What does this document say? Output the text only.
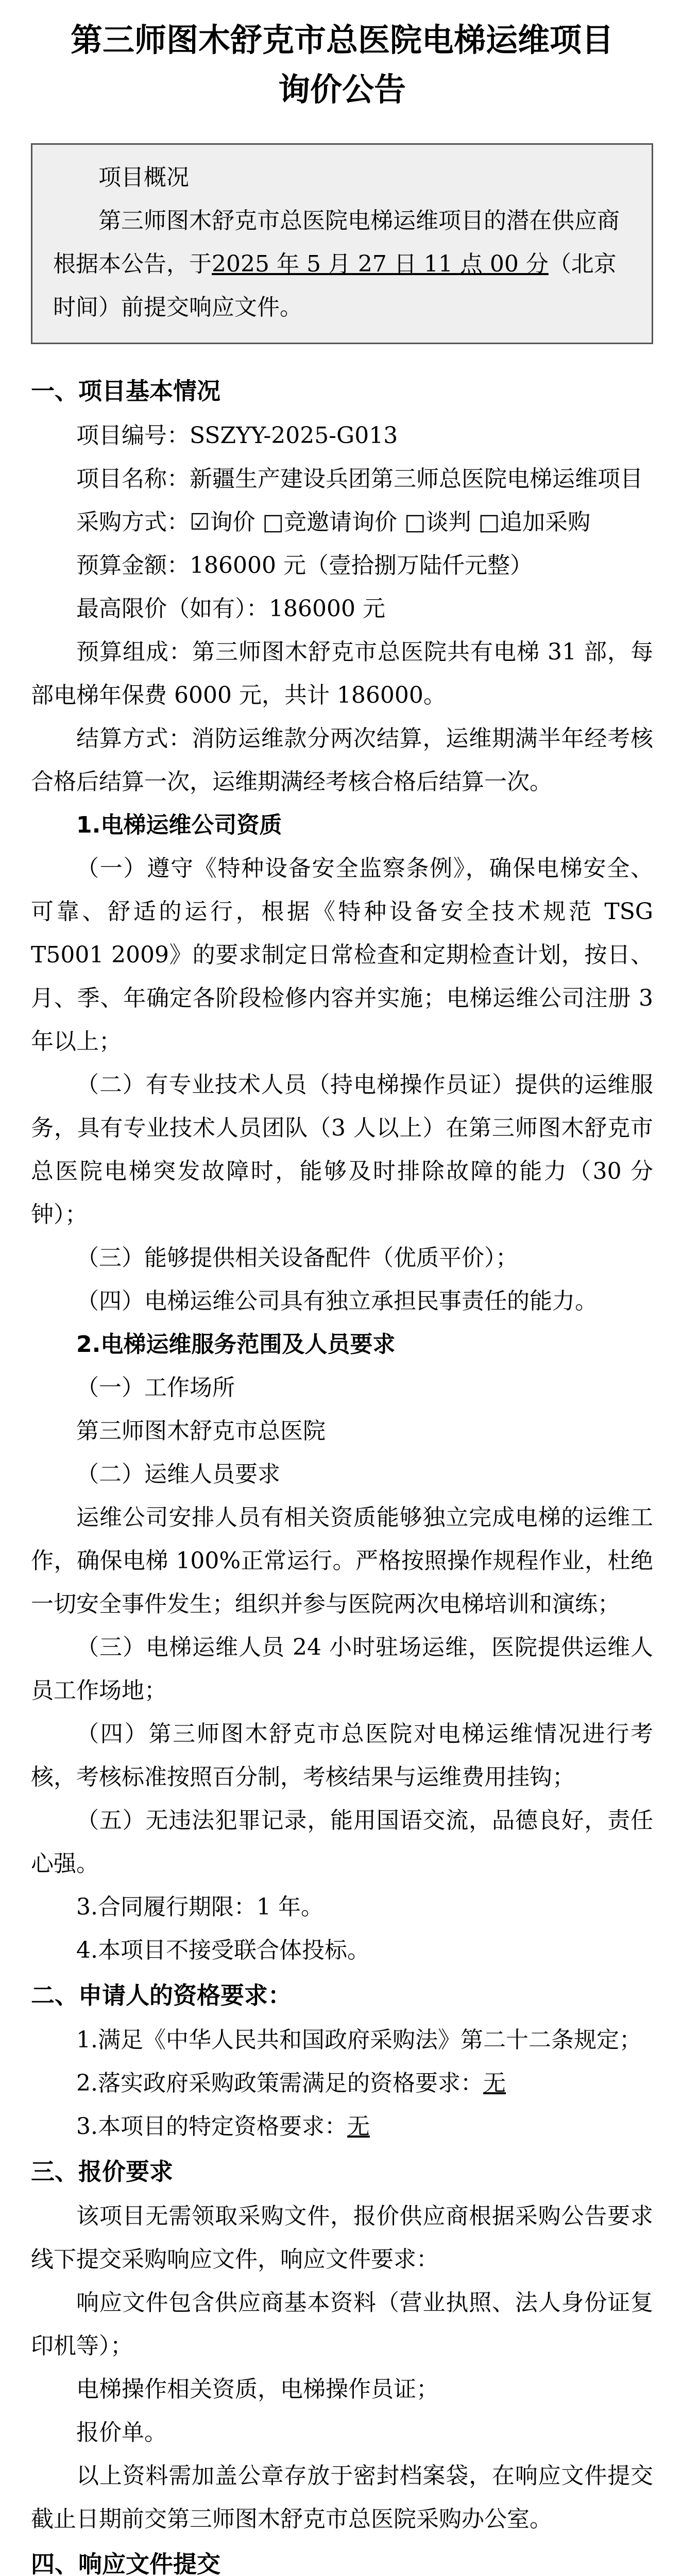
第三师图木舒克市总医院电梯运维项目
询价公告

项目概况

第三师图木舒克市总医院电梯运维项目的潜在供应商根据本公告，于2025 年 5 月 27 日 11 点 00 分（北京时间）前提交响应文件。

一、项目基本情况

项目编号：SSZYY-2025-G013

项目名称：新疆生产建设兵团第三师总医院电梯运维项目

采购方式：☑询价 □竞邀请询价 □谈判 □追加采购

预算金额：186000 元（壹拾捌万陆仟元整）

最高限价（如有）：186000 元

预算组成：第三师图木舒克市总医院共有电梯 31 部，每部电梯年保费 6000 元，共计 186000。

结算方式：消防运维款分两次结算，运维期满半年经考核合格后结算一次，运维期满经考核合格后结算一次。

1.电梯运维公司资质

（一）遵守《特种设备安全监察条例》，确保电梯安全、可靠、舒适的运行，根据《特种设备安全技术规范 TSG T5001 2009》的要求制定日常检查和定期检查计划，按日、月、季、年确定各阶段检修内容并实施；电梯运维公司注册 3 年以上；

（二）有专业技术人员（持电梯操作员证）提供的运维服务，具有专业技术人员团队（3 人以上）在第三师图木舒克市总医院电梯突发故障时，能够及时排除故障的能力（30 分钟）；

（三）能够提供相关设备配件（优质平价）；

（四）电梯运维公司具有独立承担民事责任的能力。

2.电梯运维服务范围及人员要求

（一）工作场所

第三师图木舒克市总医院

（二）运维人员要求

运维公司安排人员有相关资质能够独立完成电梯的运维工作，确保电梯 100%正常运行。严格按照操作规程作业，杜绝一切安全事件发生；组织并参与医院两次电梯培训和演练；

（三）电梯运维人员 24 小时驻场运维，医院提供运维人员工作场地；

（四）第三师图木舒克市总医院对电梯运维情况进行考核，考核标准按照百分制，考核结果与运维费用挂钩；

（五）无违法犯罪记录，能用国语交流，品德良好，责任心强。

3.合同履行期限：1 年。

4.本项目不接受联合体投标。

二、申请人的资格要求：

1.满足《中华人民共和国政府采购法》第二十二条规定；

2.落实政府采购政策需满足的资格要求：无

3.本项目的特定资格要求：无

三、报价要求

该项目无需领取采购文件，报价供应商根据采购公告要求线下提交采购响应文件，响应文件要求：

响应文件包含供应商基本资料（营业执照、法人身份证复印机等）；

电梯操作相关资质，电梯操作员证；

报价单。

以上资料需加盖公章存放于密封档案袋，在响应文件提交截止日期前交第三师图木舒克市总医院采购办公室。

四、响应文件提交
